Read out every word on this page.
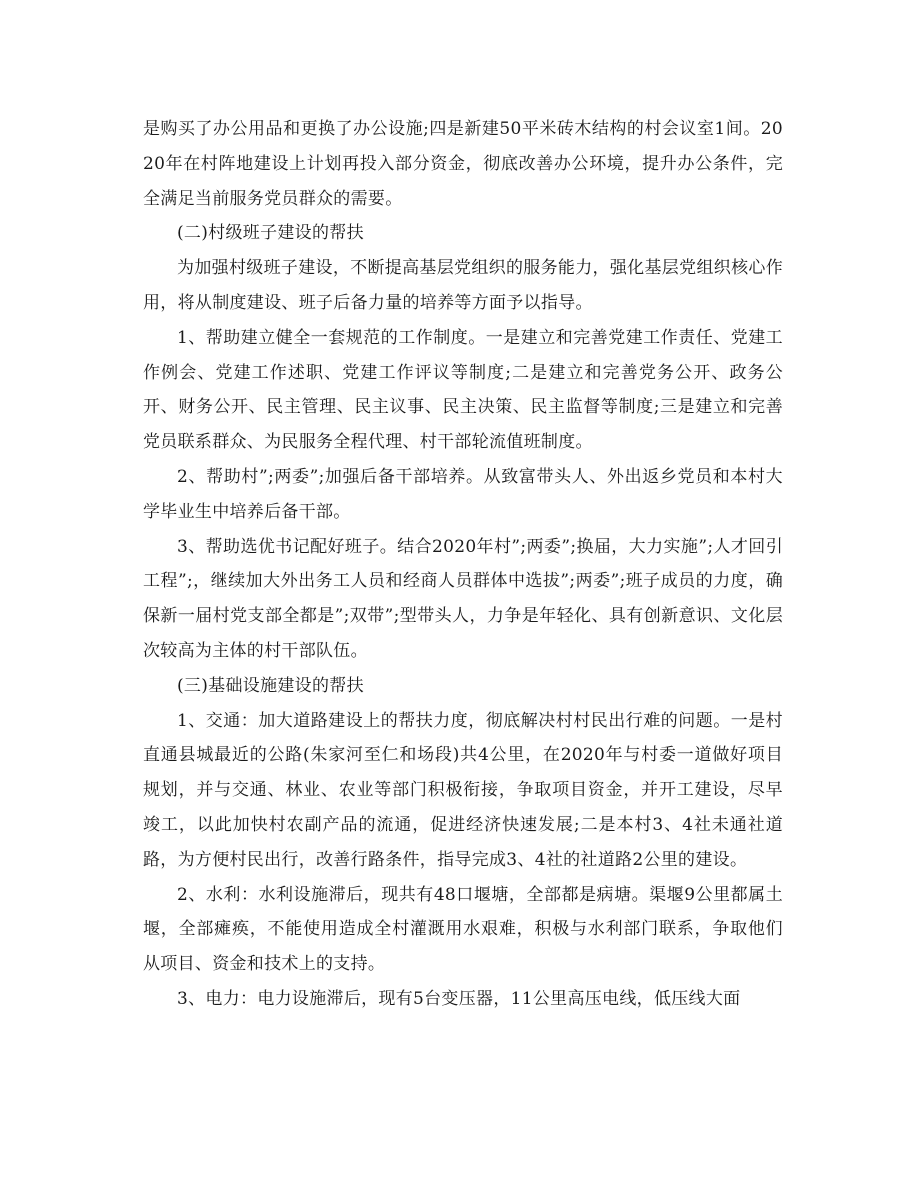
是购买了办公用品和更换了办公设施;四是新建50平米砖木结构的村会议室1间。2020年在村阵地建设上计划再投入部分资金，彻底改善办公环境，提升办公条件，完全满足当前服务党员群众的需要。

(二)村级班子建设的帮扶

为加强村级班子建设，不断提高基层党组织的服务能力，强化基层党组织核心作用，将从制度建设、班子后备力量的培养等方面予以指导。

1、帮助建立健全一套规范的工作制度。一是建立和完善党建工作责任、党建工作例会、党建工作述职、党建工作评议等制度;二是建立和完善党务公开、政务公开、财务公开、民主管理、民主议事、民主决策、民主监督等制度;三是建立和完善党员联系群众、为民服务全程代理、村干部轮流值班制度。

2、帮助村”;两委”;加强后备干部培养。从致富带头人、外出返乡党员和本村大学毕业生中培养后备干部。

3、帮助选优书记配好班子。结合2020年村”;两委”;换届，大力实施”;人才回引工程”;，继续加大外出务工人员和经商人员群体中选拔”;两委”;班子成员的力度，确保新一届村党支部全都是”;双带”;型带头人，力争是年轻化、具有创新意识、文化层次较高为主体的村干部队伍。

(三)基础设施建设的帮扶

1、交通：加大道路建设上的帮扶力度，彻底解决村村民出行难的问题。一是村直通县城最近的公路(朱家河至仁和场段)共4公里，在2020年与村委一道做好项目规划，并与交通、林业、农业等部门积极衔接，争取项目资金，并开工建设，尽早竣工，以此加快村农副产品的流通，促进经济快速发展;二是本村3、4社未通社道路，为方便村民出行，改善行路条件，指导完成3、4社的社道路2公里的建设。

2、水利：水利设施滞后，现共有48口堰塘，全部都是病塘。渠堰9公里都属土堰，全部瘫痪，不能使用造成全村灌溉用水艰难，积极与水利部门联系，争取他们从项目、资金和技术上的支持。

3、电力：电力设施滞后，现有5台变压器，11公里高压电线，低压线大面
